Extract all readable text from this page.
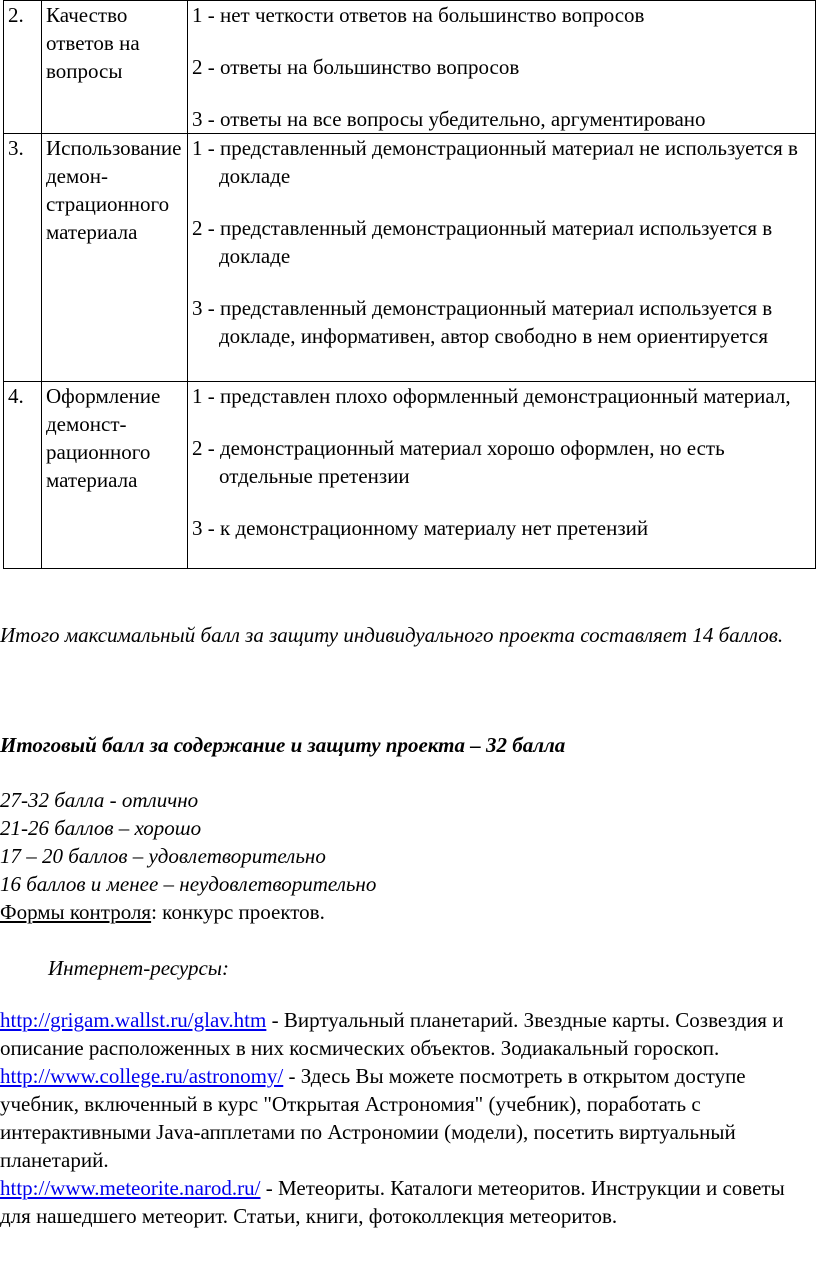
2.	Качество ответов на вопросы	1 - нет четкости ответов на большинство вопросов

2 - ответы на большинство вопросов

3 - ответы на все вопросы убедительно, аргументировано

3.	Использование демон-страционного материала	1 - представленный демонстрационный материал не используется в докладе

2 - представленный демонстрационный материал используется в докладе

3 - представленный демонстрационный материал используется в докладе, информативен, автор свободно в нем ориентируется

4.	Оформление демонст-рационного материала	1 - представлен плохо оформленный демонстрационный материал,

2 - демонстрационный материал хорошо оформлен, но есть отдельные претензии

3 - к демонстрационному материалу нет претензий

Итого максимальный балл за защиту индивидуального проекта составляет 14 баллов.

Итоговый балл за содержание и защиту проекта – 32 балла

27-32 балла - отлично

21-26 баллов – хорошо

17 – 20 баллов – удовлетворительно

16 баллов и менее – неудовлетворительно

Формы контроля: конкурс проектов.

Интернет-ресурсы:

http://grigam.wallst.ru/glav.htm - Виртуальный планетарий. Звездные карты. Созвездия и описание расположенных в них космических объектов. Зодиакальный гороскоп.

http://www.college.ru/astronomy/ - Здесь Вы можете посмотреть в открытом доступе учебник, включенный в курс "Открытая Астрономия" (учебник), поработать с интерактивными Java-апплетами по Астрономии (модели), посетить виртуальный планетарий.

http://www.meteorite.narod.ru/ - Метеориты. Каталоги метеоритов. Инструкции и советы для нашедшего метеорит. Статьи, книги, фотоколлекция метеоритов.
